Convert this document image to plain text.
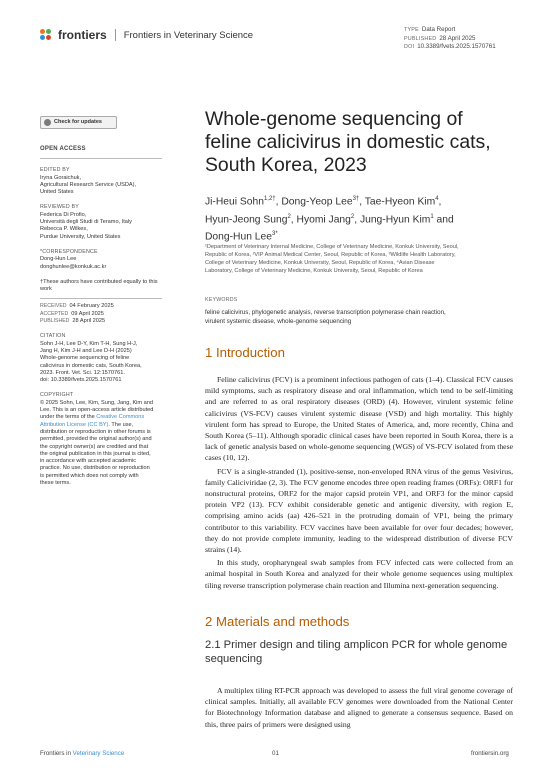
frontiers Frontiers in Veterinary Science	TYPE Data Report
PUBLISHED 28 April 2025
DOI 10.3389/fvets.2025.1570761
Check for updates
OPEN ACCESS
EDITED BY
Iryna Goraichuk,
Agricultural Research Service (USDA),
United States
REVIEWED BY
Federica Di Profio,
Università degli Studi di Teramo, Italy
Rebecca P. Wilkes,
Purdue University, United States
*CORRESPONDENCE
Dong-Hun Lee
donghunlee@konkuk.ac.kr
†These authors have contributed equally to this work
RECEIVED 04 February 2025
ACCEPTED 09 April 2025
PUBLISHED 28 April 2025
CITATION
Sohn J-H, Lee D-Y, Kim T-H, Sung H-J,
Jang H, Kim J-H and Lee D-H (2025)
Whole-genome sequencing of feline
calicivirus in domestic cats, South Korea,
2023. Front. Vet. Sci. 12:1570761.
doi: 10.3389/fvets.2025.1570761
COPYRIGHT
© 2025 Sohn, Lee, Kim, Sung, Jang, Kim and
Lee. This is an open-access article distributed
under the terms of the Creative Commons
Attribution License (CC BY). The use,
distribution or reproduction in other forums is
permitted, provided the original author(s) and
the copyright owner(s) are credited and that
the original publication in this journal is cited,
in accordance with accepted academic
practice. No use, distribution or reproduction
is permitted which does not comply with
these terms.
Whole-genome sequencing of
feline calicivirus in domestic cats,
South Korea, 2023
Ji-Heui Sohn$^{1,2\dagger}$, Dong-Yeop Lee$^{3\dagger}$, Tae-Hyeon Kim$^4$,
Hyun-Jeong Sung$^2$, Hyomi Jang$^2$, Jung-Hyun Kim$^1$ and
Dong-Hun Lee$^{3*}$
¹Department of Veterinary Internal Medicine, College of Veterinary Medicine, Konkuk University, Seoul,
Republic of Korea, ²VIP Animal Medical Center, Seoul, Republic of Korea, ³Wildlife Health Laboratory,
College of Veterinary Medicine, Konkuk University, Seoul, Republic of Korea, ⁴Avian Disease
Laboratory, College of Veterinary Medicine, Konkuk University, Seoul, Republic of Korea
KEYWORDS
feline calicivirus, phylogenetic analysis, reverse transcription polymerase chain reaction,
virulent systemic disease, whole-genome sequencing
1 Introduction

Feline calicivirus (FCV) is a prominent infectious pathogen of cats (1–4). Classical FCV causes mild symptoms, such as respiratory disease and oral inflammation, which tend to be self-limiting and are referred to as oral respiratory diseases (ORD) (4). However, virulent systemic feline calicivirus (VS-FCV) causes virulent systemic disease (VSD) and high mortality. This highly virulent form has spread to Europe, the United States of America, and, more recently, China and South Korea (5–11). Although sporadic clinical cases have been reported in South Korea, there is a lack of genetic analysis based on whole-genome sequencing (WGS) of VS-FCV isolated from these cases (10, 12).

FCV is a single-stranded (1), positive-sense, non-enveloped RNA virus of the genus Vesivirus, family Caliciviridae (2, 3). The FCV genome encodes three open reading frames (ORFs): ORF1 for nonstructural proteins, ORF2 for the major capsid protein VP1, and ORF3 for the minor capsid protein VP2 (13). FCV exhibit considerable genetic and antigenic diversity, with region E, comprising amino acids (aa) 426–521 in the protruding domain of VP1, being the primary contributor to this variability. FCV vaccines have been available for over four decades; however, they do not provide complete immunity, leading to the widespread distribution of diverse FCV strains (14).

In this study, oropharyngeal swab samples from FCV infected cats were collected from an animal hospital in South Korea and analyzed for their whole genome sequences using multiplex tiling reverse transcription polymerase chain reaction and Illumina next-generation sequencing.

2 Materials and methods
2.1 Primer design and tiling amplicon PCR for whole genome sequencing

A multiplex tiling RT-PCR approach was developed to assess the full viral genome coverage of clinical samples. Initially, all available FCV genomes were downloaded from the National Center for Biotechnology Information database and aligned to generate a consensus sequence. Based on this, three pairs of primers were designed using

Frontiers in Veterinary Science	01	frontiersin.org
